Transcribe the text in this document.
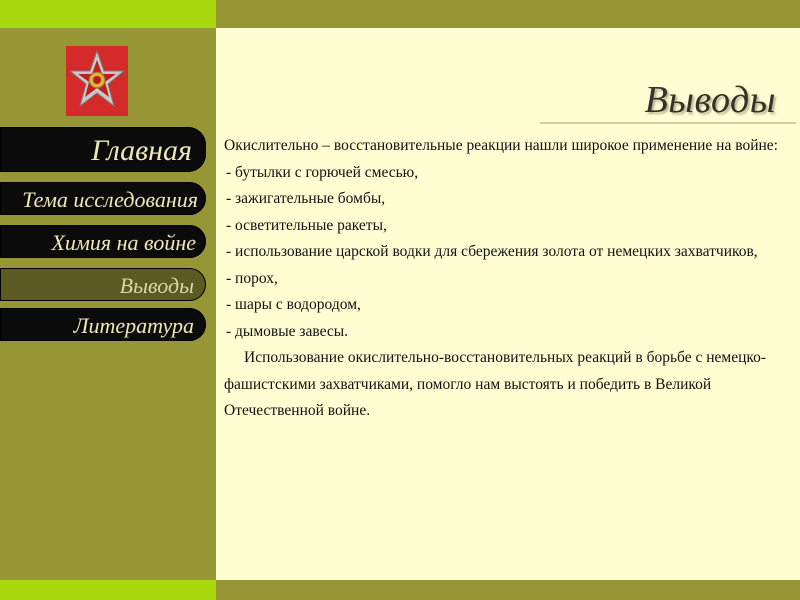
Главная
Тема исследования
Химия на войне
Выводы
Литература
Выводы

Окислительно – восстановительные реакции нашли широкое применение на войне:

- бутылки с горючей смесью,

- зажигательные бомбы,

- осветительные ракеты,

- использование царской водки для сбережения золота от немецких захватчиков,

- порох,

- шары с водородом,

- дымовые завесы.

Использование окислительно-восстановительных реакций в борьбе с немецко-фашистскими захватчиками, помогло нам выстоять и победить в Великой Отечественной войне.
